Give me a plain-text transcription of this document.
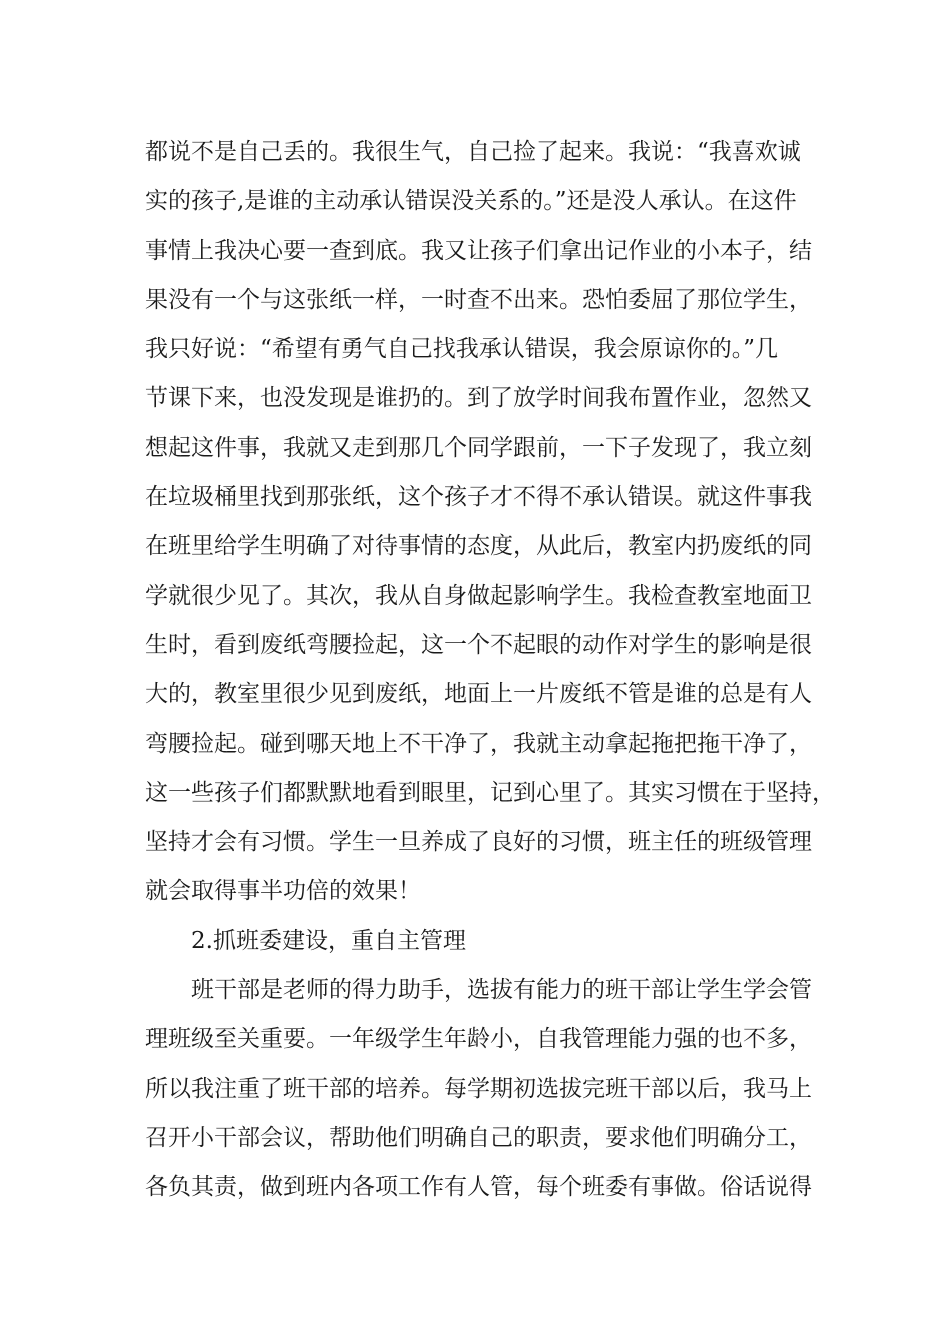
都说不是自己丢的。我很生气，自己捡了起来。我说：“我喜欢诚
实的孩子,是谁的主动承认错误没关系的。”还是没人承认。在这件
事情上我决心要一查到底。我又让孩子们拿出记作业的小本子，结
果没有一个与这张纸一样，一时查不出来。恐怕委屈了那位学生，
我只好说：“希望有勇气自己找我承认错误，我会原谅你的。”几
节课下来，也没发现是谁扔的。到了放学时间我布置作业，忽然又
想起这件事，我就又走到那几个同学跟前，一下子发现了，我立刻
在垃圾桶里找到那张纸，这个孩子才不得不承认错误。就这件事我
在班里给学生明确了对待事情的态度，从此后，教室内扔废纸的同
学就很少见了。其次，我从自身做起影响学生。我检查教室地面卫
生时，看到废纸弯腰捡起，这一个不起眼的动作对学生的影响是很
大的，教室里很少见到废纸，地面上一片废纸不管是谁的总是有人
弯腰捡起。碰到哪天地上不干净了，我就主动拿起拖把拖干净了，
这一些孩子们都默默地看到眼里，记到心里了。其实习惯在于坚持，
坚持才会有习惯。学生一旦养成了良好的习惯，班主任的班级管理
就会取得事半功倍的效果！
2.抓班委建设，重自主管理
班干部是老师的得力助手，选拔有能力的班干部让学生学会管
理班级至关重要。一年级学生年龄小，自我管理能力强的也不多，
所以我注重了班干部的培养。每学期初选拔完班干部以后，我马上
召开小干部会议，帮助他们明确自己的职责，要求他们明确分工，
各负其责，做到班内各项工作有人管，每个班委有事做。俗话说得
